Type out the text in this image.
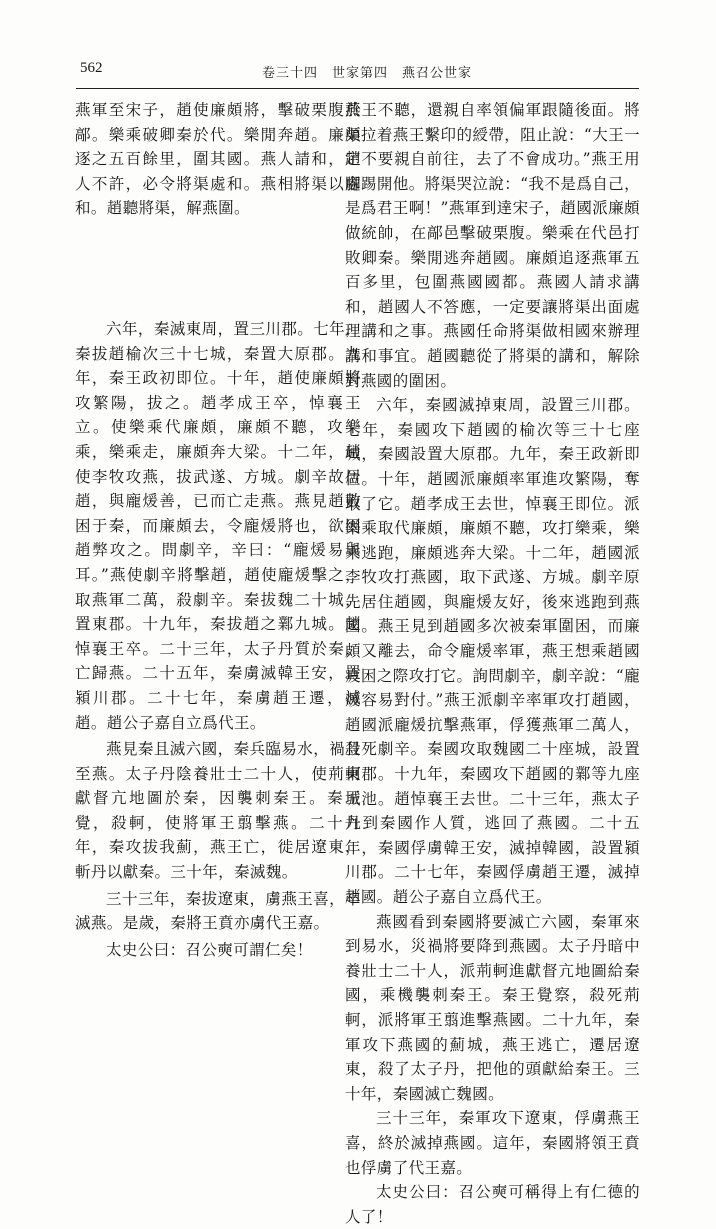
562	卷三十四　世家第四　燕召公世家

燕軍至宋子，趙使廉頗將，擊破栗腹於鄗。樂乘破卿秦於代。樂閒奔趙。廉頗逐之五百餘里，圍其國。燕人請和，趙人不許，必令將渠處和。燕相將渠以處和。趙聽將渠，解燕圍。

六年，秦滅東周，置三川郡。七年，秦拔趙榆次三十七城，秦置大原郡。九年，秦王政初即位。十年，趙使廉頗將攻繁陽，拔之。趙孝成王卒，悼襄王立。使樂乘代廉頗，廉頗不聽，攻樂乘，樂乘走，廉頗奔大梁。十二年，趙使李牧攻燕，拔武遂、方城。劇辛故居趙，與龐煖善，已而亡走燕。燕見趙數困于秦，而廉頗去，令龐煖將也，欲因趙弊攻之。問劇辛，辛曰：“龐煖易與耳。”燕使劇辛將擊趙，趙使龐煖擊之，取燕軍二萬，殺劇辛。秦拔魏二十城，置東郡。十九年，秦拔趙之鄴九城。趙悼襄王卒。二十三年，太子丹質於秦，亡歸燕。二十五年，秦虜滅韓王安，置潁川郡。二十七年，秦虜趙王遷，滅趙。趙公子嘉自立爲代王。

燕見秦且滅六國，秦兵臨易水，禍且至燕。太子丹陰養壯士二十人，使荊軻獻督亢地圖於秦，因襲刺秦王。秦王覺，殺軻，使將軍王翦擊燕。二十九年，秦攻拔我薊，燕王亡，徙居遼東，斬丹以獻秦。三十年，秦滅魏。

三十三年，秦拔遼東，虜燕王喜，卒滅燕。是歲，秦將王賁亦虜代王嘉。

太史公曰：召公奭可謂仁矣！

燕王不聽，還親自率領偏軍跟隨後面。將渠拉着燕王繫印的綬帶，阻止說：“大王一定不要親自前往，去了不會成功。”燕王用腳踢開他。將渠哭泣說：“我不是爲自己，是爲君王啊！”燕軍到達宋子，趙國派廉頗做統帥，在鄗邑擊破栗腹。樂乘在代邑打敗卿秦。樂閒逃奔趙國。廉頗追逐燕軍五百多里，包圍燕國國都。燕國人請求講和，趙國人不答應，一定要讓將渠出面處理講和之事。燕國任命將渠做相國來辦理講和事宜。趙國聽從了將渠的講和，解除對燕國的圍困。

六年，秦國滅掉東周，設置三川郡。七年，秦國攻下趙國的榆次等三十七座城，秦國設置大原郡。九年，秦王政新即位。十年，趙國派廉頗率軍進攻繁陽，奪取了它。趙孝成王去世，悼襄王即位。派樂乘取代廉頗，廉頗不聽，攻打樂乘，樂乘逃跑，廉頗逃奔大梁。十二年，趙國派李牧攻打燕國，取下武遂、方城。劇辛原先居住趙國，與龐煖友好，後來逃跑到燕國。燕王見到趙國多次被秦軍圍困，而廉頗又離去，命令龐煖率軍，燕王想乘趙國疲困之際攻打它。詢問劇辛，劇辛說：“龐煖容易對付。”燕王派劇辛率軍攻打趙國，趙國派龐煖抗擊燕軍，俘獲燕軍二萬人，殺死劇辛。秦國攻取魏國二十座城，設置東郡。十九年，秦國攻下趙國的鄴等九座城池。趙悼襄王去世。二十三年，燕太子丹到秦國作人質，逃回了燕國。二十五年，秦國俘虜韓王安，滅掉韓國，設置潁川郡。二十七年，秦國俘虜趙王遷，滅掉趙國。趙公子嘉自立爲代王。

燕國看到秦國將要滅亡六國，秦軍來到易水，災禍將要降到燕國。太子丹暗中養壯士二十人，派荊軻進獻督亢地圖給秦國，乘機襲刺秦王。秦王覺察，殺死荊軻，派將軍王翦進擊燕國。二十九年，秦軍攻下燕國的薊城，燕王逃亡，遷居遼東，殺了太子丹，把他的頭獻給秦王。三十年，秦國滅亡魏國。

三十三年，秦軍攻下遼東，俘虜燕王喜，終於滅掉燕國。這年，秦國將領王賁也俘虜了代王嘉。

太史公曰：召公奭可稱得上有仁德的人了！
